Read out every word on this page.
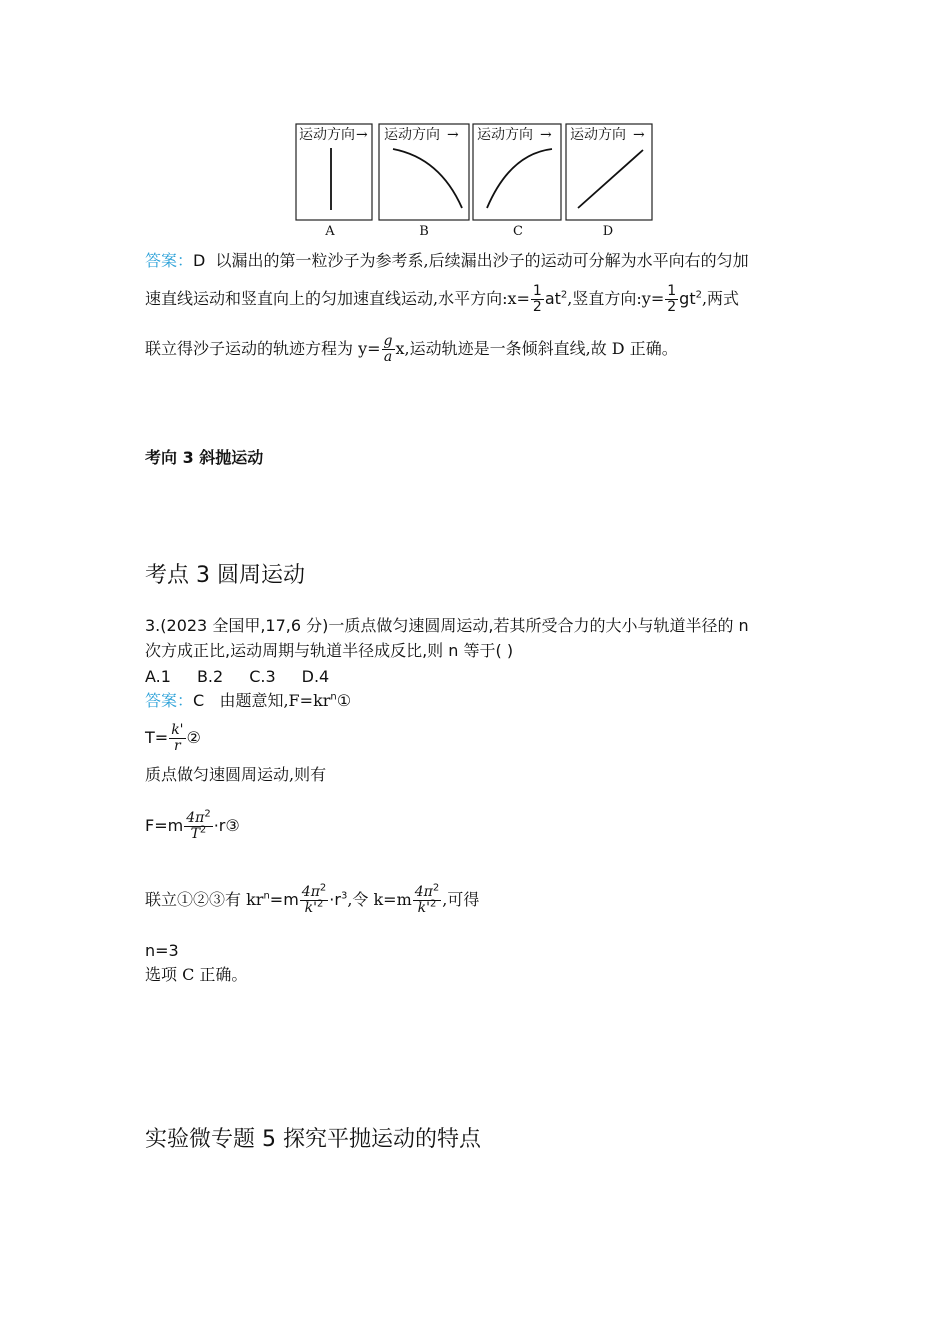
运动方向 →
A
运动方向 →
B
运动方向 →
C
运动方向 →
D
答案：D 以漏出的第一粒沙子为参考系,后续漏出沙子的运动可分解为水平向右的匀加
速直线运动和竖直向上的匀加速直线运动,水平方向:x= $\frac{1}{2} at^2$,竖直方向:y= $\frac{1}{2} gt^2$,两式
联立得沙子运动的轨迹方程为 $y= \frac{g}{a} x$,运动轨迹是一条倾斜直线,故 D 正确。
考向 3 斜抛运动
考点 3 圆周运动
3.(2023 全国甲,17,6 分)一质点做匀速圆周运动,若其所受合力的大小与轨道半径的 n
次方成正比,运动周期与轨道半径成反比,则 n 等于( )
A.1 B.2 C.3 D.4
答案：C 由题意知$,F=kr^n①$
$T= \frac{k'}{r}$ ②
质点做匀速圆周运动,则有
$F=m \frac{4\pi^2}{T^2}$ ·r③
联立①②③有 $kr^n=m \frac{4\pi^2}{k'^2} \cdot r^3$,令 $k=m \frac{4\pi^2}{k'^2}$ ,可得
n=3
选项 C 正确。
实验微专题 5 探究平抛运动的特点
